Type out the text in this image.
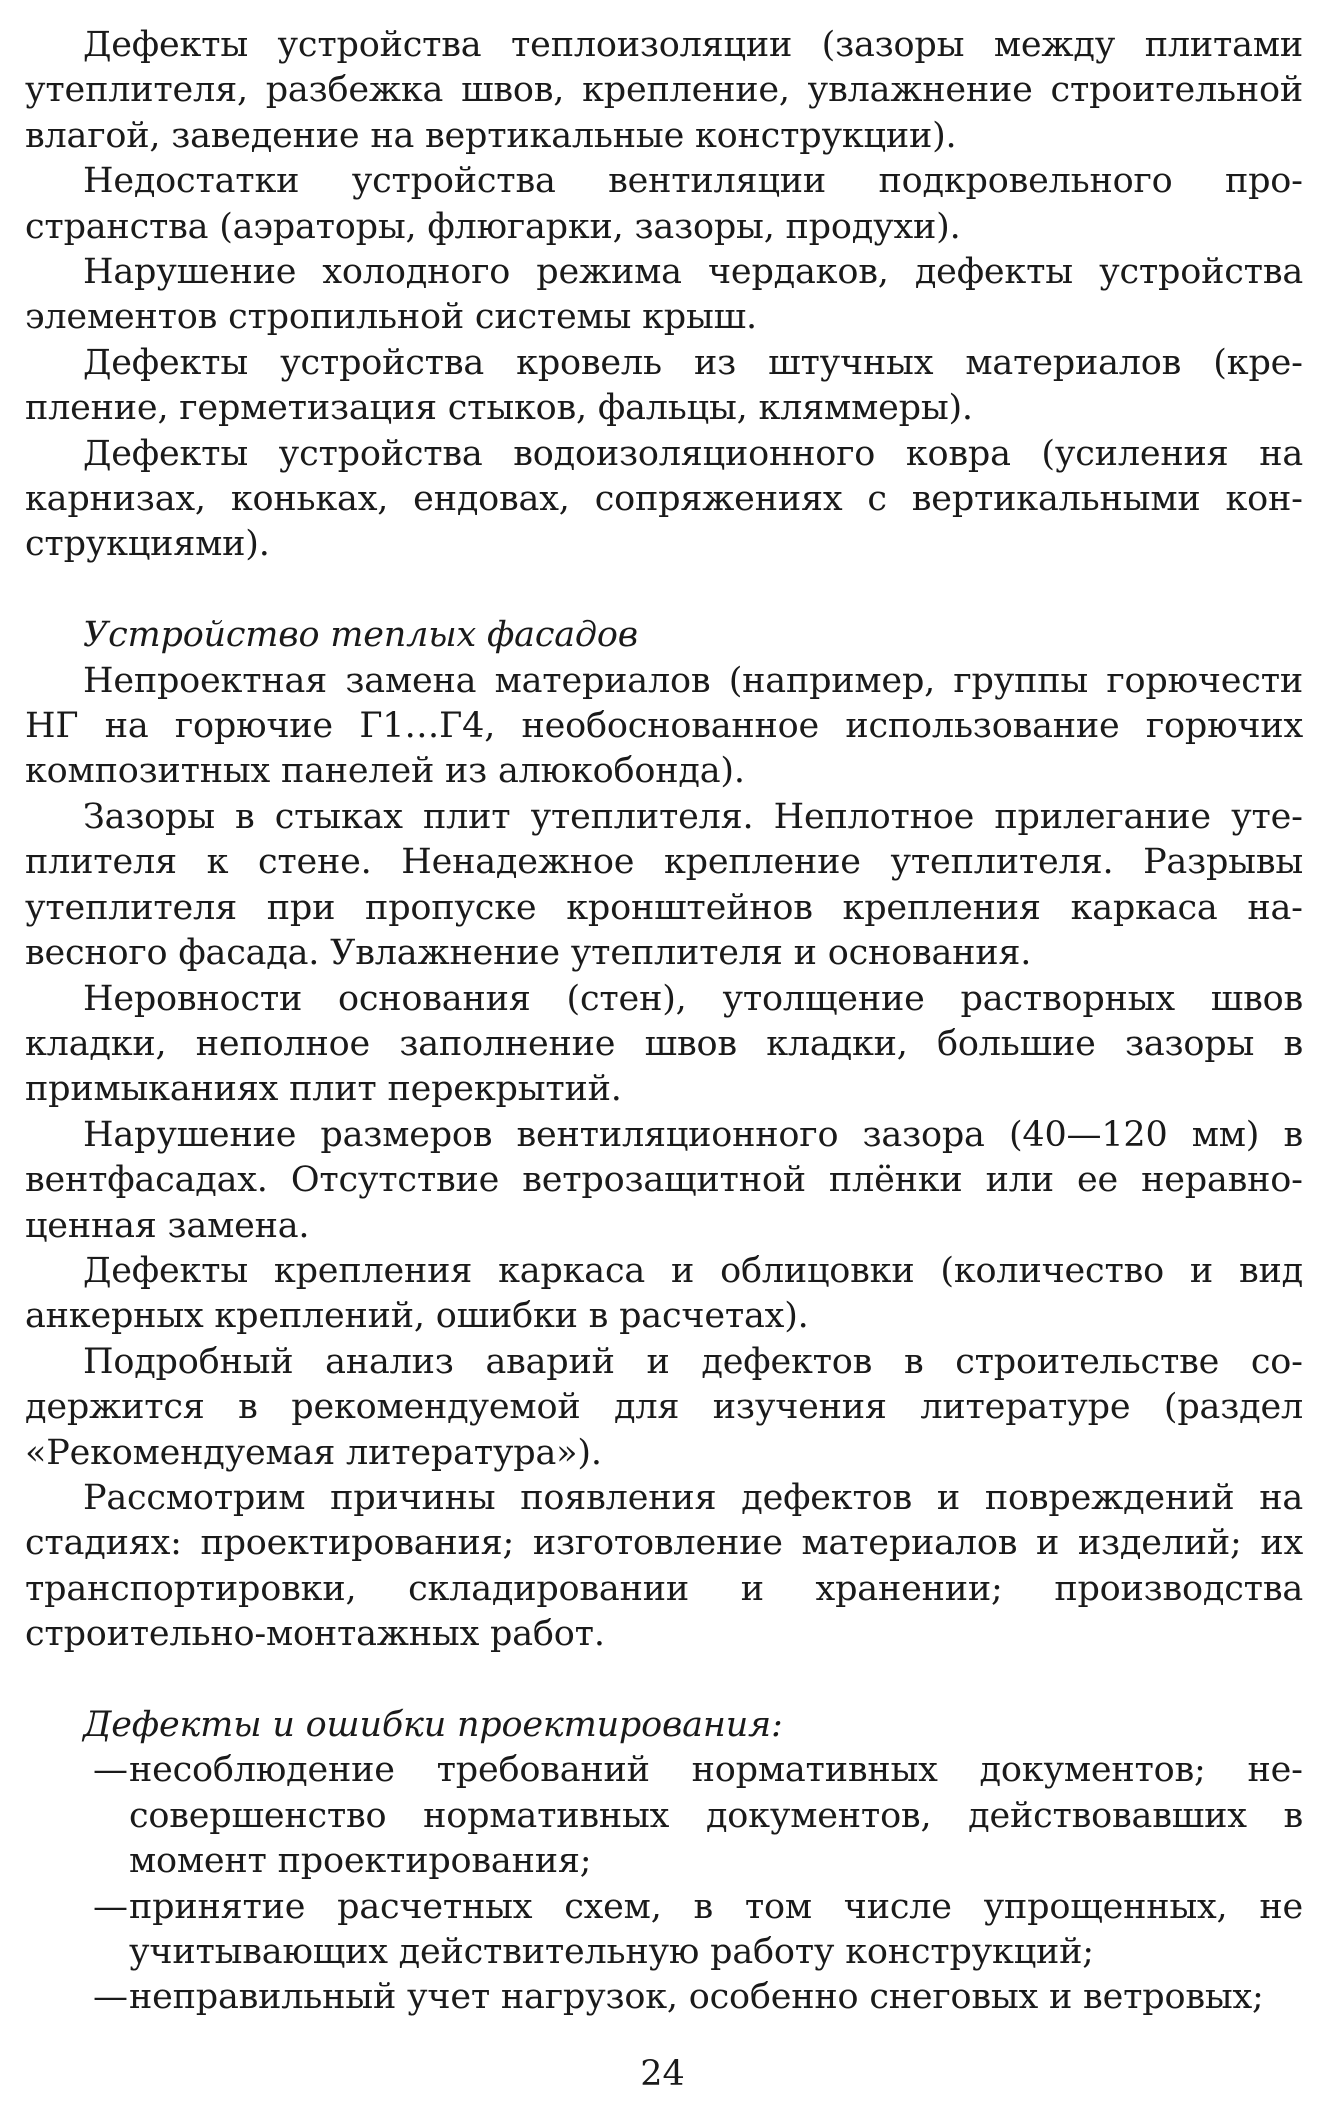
Дефекты устройства теплоизоляции (зазоры между плитами утеплителя, разбежка швов, крепление, увлажнение строительной влагой, заведение на вертикальные конструкции).

Недостатки устройства вентиляции подкровельного пространства (аэраторы, флюгарки, зазоры, продухи).

Нарушение холодного режима чердаков, дефекты устройства элементов стропильной системы крыш.

Дефекты устройства кровель из штучных материалов (крепление, герметизация стыков, фальцы, кляммеры).

Дефекты устройства водоизоляционного ковра (усиления на карнизах, коньках, ендовах, сопряжениях с вертикальными конструкциями).

Устройство теплых фасадов

Непроектная замена материалов (например, группы горючести НГ на горючие Г1…Г4, необоснованное использование горючих композитных панелей из алюкобонда).

Зазоры в стыках плит утеплителя. Неплотное прилегание утеплителя к стене. Ненадежное крепление утеплителя. Разрывы утеплителя при пропуске кронштейнов крепления каркаса навесного фасада. Увлажнение утеплителя и основания.

Неровности основания (стен), утолщение растворных швов кладки, неполное заполнение швов кладки, большие зазоры в примыканиях плит перекрытий.

Нарушение размеров вентиляционного зазора (40—120 мм) в вентфасадах. Отсутствие ветрозащитной плёнки или ее неравноценная замена.

Дефекты крепления каркаса и облицовки (количество и вид анкерных креплений, ошибки в расчетах).

Подробный анализ аварий и дефектов в строительстве содержится в рекомендуемой для изучения литературе (раздел «Рекомендуемая литература»).

Рассмотрим причины появления дефектов и повреждений на стадиях: проектирования; изготовление материалов и изделий; их транспортировки, складировании и хранении; производства строительно-монтажных работ.

Дефекты и ошибки проектирования:

—несоблюдение требований нормативных документов; несовершенство нормативных документов, действовавших в момент проектирования;

—принятие расчетных схем, в том числе упрощенных, не учитывающих действительную работу конструкций;

—неправильный учет нагрузок, особенно снеговых и ветровых;

24
